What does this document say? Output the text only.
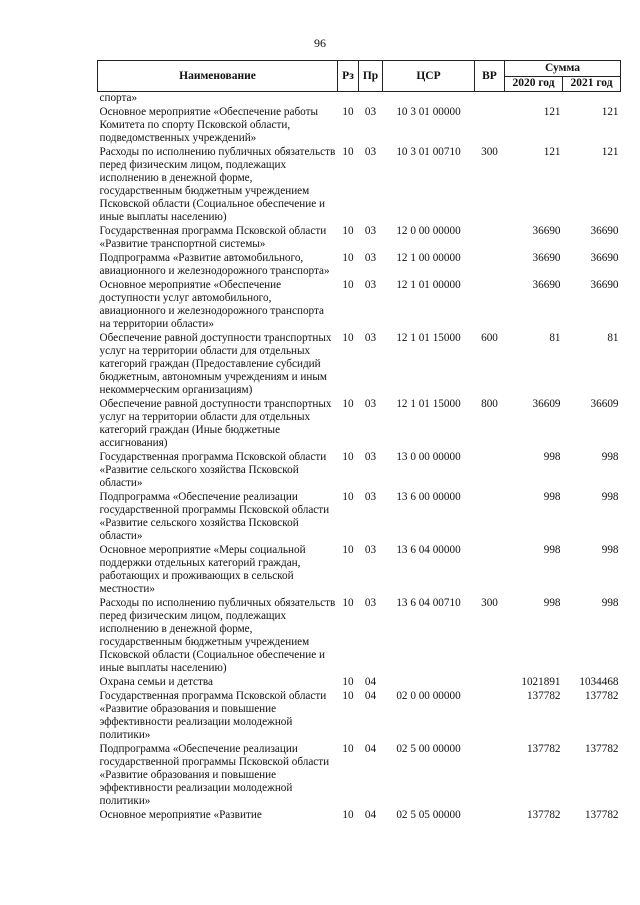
96
Наименование	Рз	Пр	ЦСР	ВР	Сумма	
					2020 год	2021 год
спорта»						
Основное мероприятие «Обеспечение работы Комитета по спорту Псковской области, подведомственных учреждений»	10	03	10 3 01 00000		121	121
Расходы по исполнению публичных обязательств перед физическим лицом, подлежащих исполнению в денежной форме, государственным бюджетным учреждением Псковской области (Социальное обеспечение и иные выплаты населению)	10	03	10 3 01 00710	300	121	121
Государственная программа Псковской области «Развитие транспортной системы»	10	03	12 0 00 00000		36690	36690
Подпрограмма «Развитие автомобильного, авиационного и железнодорожного транспорта»	10	03	12 1 00 00000		36690	36690
Основное мероприятие «Обеспечение доступности услуг автомобильного, авиационного и железнодорожного транспорта на территории области»	10	03	12 1 01 00000		36690	36690
Обеспечение равной доступности транспортных услуг на территории области для отдельных категорий граждан (Предоставление субсидий бюджетным, автономным учреждениям и иным некоммерческим организациям)	10	03	12 1 01 15000	600	81	81
Обеспечение равной доступности транспортных услуг на территории области для отдельных категорий граждан (Иные бюджетные ассигнования)	10	03	12 1 01 15000	800	36609	36609
Государственная программа Псковской области «Развитие сельского хозяйства Псковской области»	10	03	13 0 00 00000		998	998
Подпрограмма «Обеспечение реализации государственной программы Псковской области «Развитие сельского хозяйства Псковской области»	10	03	13 6 00 00000		998	998
Основное мероприятие «Меры социальной поддержки отдельных категорий граждан, работающих и проживающих в сельской местности»	10	03	13 6 04 00000		998	998
Расходы по исполнению публичных обязательств перед физическим лицом, подлежащих исполнению в денежной форме, государственным бюджетным учреждением Псковской области (Социальное обеспечение и иные выплаты населению)	10	03	13 6 04 00710	300	998	998
Охрана семьи и детства	10	04			1021891	1034468
Государственная программа Псковской области «Развитие образования и повышение эффективности реализации молодежной политики»	10	04	02 0 00 00000		137782	137782
Подпрограмма «Обеспечение реализации государственной программы Псковской области «Развитие образования и повышение эффективности реализации молодежной политики»	10	04	02 5 00 00000		137782	137782
Основное мероприятие «Развитие	10	04	02 5 05 00000		137782	137782
